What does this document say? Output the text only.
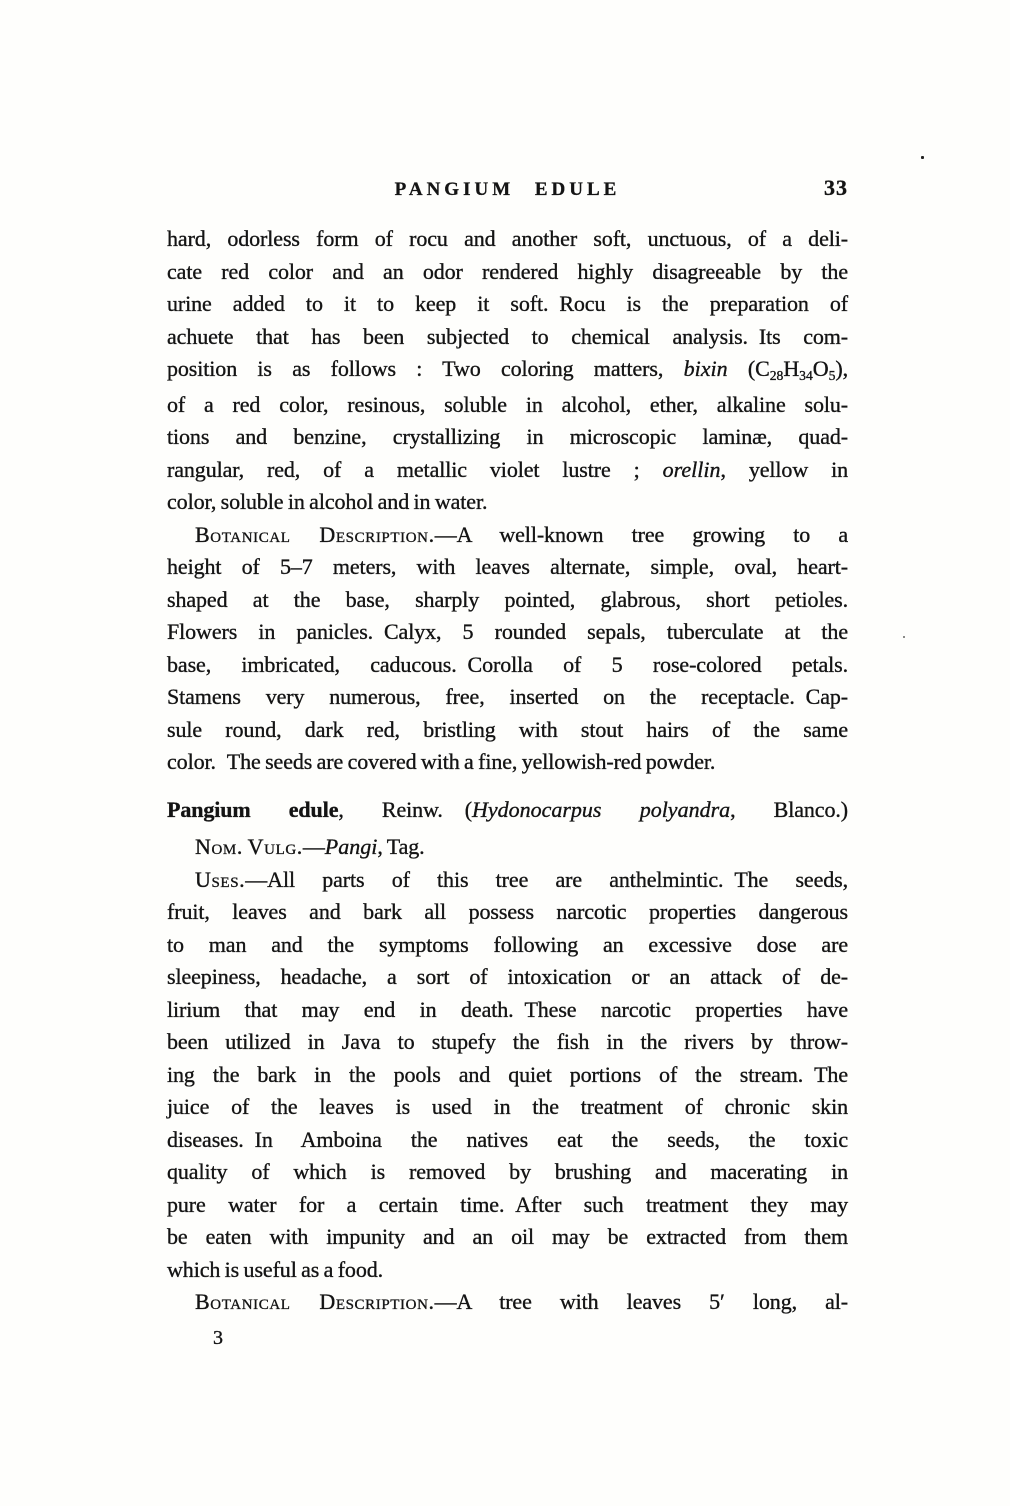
PANGIUM EDULE	33
hard, odorless form of rocu and another soft, unctuous, of a deli-
cate red color and an odor rendered highly disagreeable by the
urine added to it to keep it soft. Rocu is the preparation of
achuete that has been subjected to chemical analysis. Its com-
position is as follows : Two coloring matters, bixin $(C_{28}H_{34}O_5)$,
of a red color, resinous, soluble in alcohol, ether, alkaline solu-
tions and benzine, crystallizing in microscopic laminæ, quad-
rangular, red, of a metallic violet lustre ; orellin, yellow in
color, soluble in alcohol and in water.
Botanical Description.—A well-known tree growing to a
height of 5–7 meters, with leaves alternate, simple, oval, heart-
shaped at the base, sharply pointed, glabrous, short petioles.
Flowers in panicles. Calyx, 5 rounded sepals, tuberculate at the
base, imbricated, caducous. Corolla of 5 rose-colored petals.
Stamens very numerous, free, inserted on the receptacle. Cap-
sule round, dark red, bristling with stout hairs of the same
color. The seeds are covered with a fine, yellowish-red powder.
Pangium edule, Reinw. (Hydonocarpus polyandra, Blanco.)
Nom. Vulg.—Pangi, Tag.
Uses.—All parts of this tree are anthelmintic. The seeds,
fruit, leaves and bark all possess narcotic properties dangerous
to man and the symptoms following an excessive dose are
sleepiness, headache, a sort of intoxication or an attack of de-
lirium that may end in death. These narcotic properties have
been utilized in Java to stupefy the fish in the rivers by throw-
ing the bark in the pools and quiet portions of the stream. The
juice of the leaves is used in the treatment of chronic skin
diseases. In Amboina the natives eat the seeds, the toxic
quality of which is removed by brushing and macerating in
pure water for a certain time. After such treatment they may
be eaten with impunity and an oil may be extracted from them
which is useful as a food.
Botanical Description.—A tree with leaves 5′ long, al-
3
